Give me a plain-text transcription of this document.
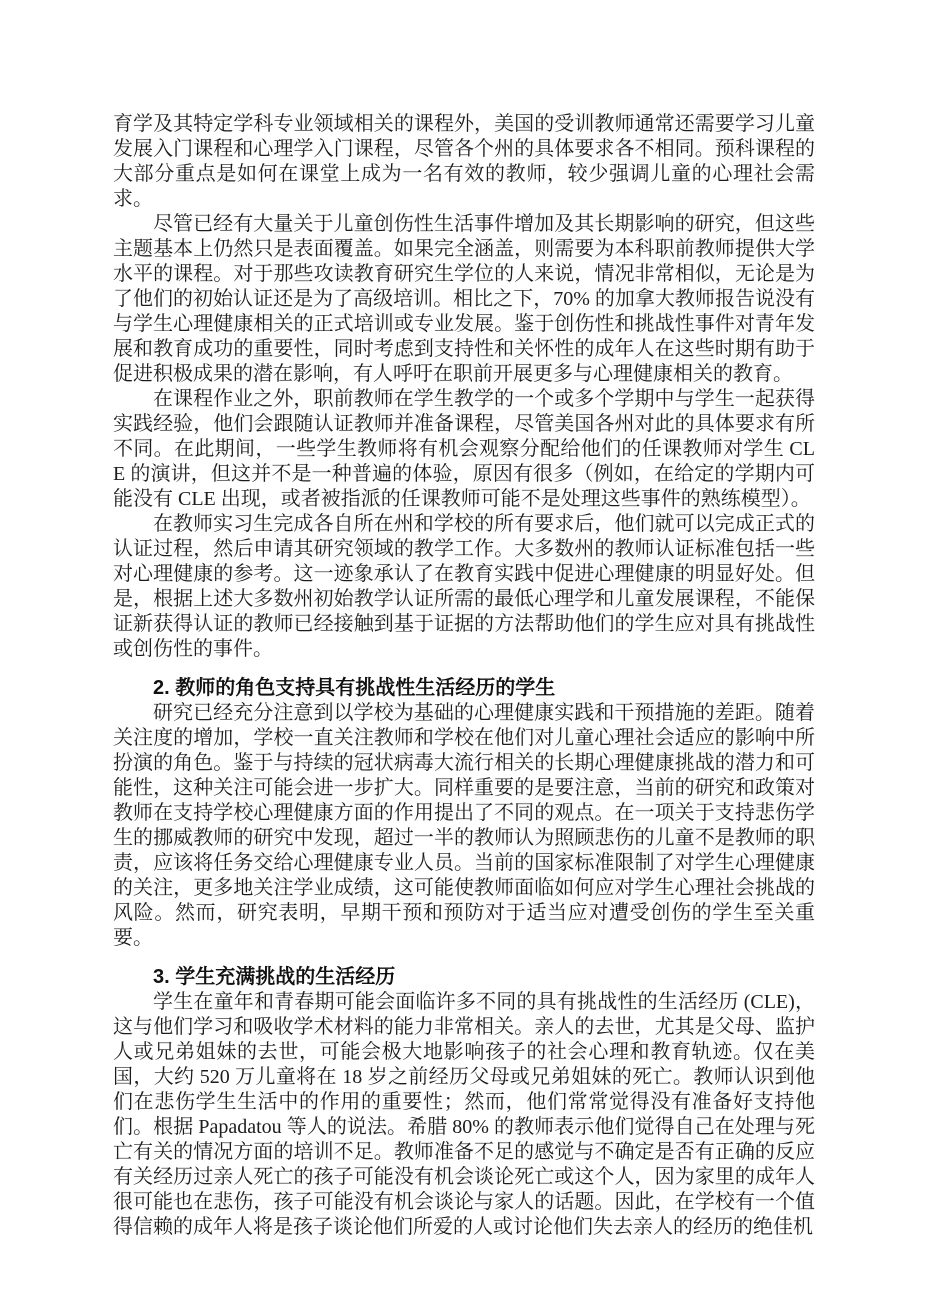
育学及其特定学科专业领域相关的课程外，美国的受训教师通常还需要学习儿童发展入门课程和心理学入门课程，尽管各个州的具体要求各不相同。预科课程的大部分重点是如何在课堂上成为一名有效的教师，较少强调儿童的心理社会需求。

尽管已经有大量关于儿童创伤性生活事件增加及其长期影响的研究，但这些主题基本上仍然只是表面覆盖。如果完全涵盖，则需要为本科职前教师提供大学水平的课程。对于那些攻读教育研究生学位的人来说，情况非常相似，无论是为了他们的初始认证还是为了高级培训。相比之下，70% 的加拿大教师报告说没有与学生心理健康相关的正式培训或专业发展。鉴于创伤性和挑战性事件对青年发展和教育成功的重要性，同时考虑到支持性和关怀性的成年人在这些时期有助于促进积极成果的潜在影响，有人呼吁在职前开展更多与心理健康相关的教育。

在课程作业之外，职前教师在学生教学的一个或多个学期中与学生一起获得实践经验，他们会跟随认证教师并准备课程，尽管美国各州对此的具体要求有所不同。在此期间，一些学生教师将有机会观察分配给他们的任课教师对学生 CLE 的演讲，但这并不是一种普遍的体验，原因有很多（例如，在给定的学期内可能没有 CLE 出现，或者被指派的任课教师可能不是处理这些事件的熟练模型）。

在教师实习生完成各自所在州和学校的所有要求后，他们就可以完成正式的认证过程，然后申请其研究领域的教学工作。大多数州的教师认证标准包括一些对心理健康的参考。这一迹象承认了在教育实践中促进心理健康的明显好处。但是，根据上述大多数州初始教学认证所需的最低心理学和儿童发展课程，不能保证新获得认证的教师已经接触到基于证据的方法帮助他们的学生应对具有挑战性或创伤性的事件。

2. 教师的角色支持具有挑战性生活经历的学生

研究已经充分注意到以学校为基础的心理健康实践和干预措施的差距。随着关注度的增加，学校一直关注教师和学校在他们对儿童心理社会适应的影响中所扮演的角色。鉴于与持续的冠状病毒大流行相关的长期心理健康挑战的潜力和可能性，这种关注可能会进一步扩大。同样重要的是要注意，当前的研究和政策对教师在支持学校心理健康方面的作用提出了不同的观点。在一项关于支持悲伤学生的挪威教师的研究中发现，超过一半的教师认为照顾悲伤的儿童不是教师的职责，应该将任务交给心理健康专业人员。当前的国家标准限制了对学生心理健康的关注，更多地关注学业成绩，这可能使教师面临如何应对学生心理社会挑战的风险。然而，研究表明，早期干预和预防对于适当应对遭受创伤的学生至关重要。

3. 学生充满挑战的生活经历

学生在童年和青春期可能会面临许多不同的具有挑战性的生活经历 (CLE)，这与他们学习和吸收学术材料的能力非常相关。亲人的去世，尤其是父母、监护人或兄弟姐妹的去世，可能会极大地影响孩子的社会心理和教育轨迹。仅在美国，大约 520 万儿童将在 18 岁之前经历父母或兄弟姐妹的死亡。教师认识到他们在悲伤学生生活中的作用的重要性；然而，他们常常觉得没有准备好支持他们。根据 Papadatou 等人的说法。希腊 80% 的教师表示他们觉得自己在处理与死亡有关的情况方面的培训不足。教师准备不足的感觉与不确定是否有正确的反应有关经历过亲人死亡的孩子可能没有机会谈论死亡或这个人，因为家里的成年人很可能也在悲伤，孩子可能没有机会谈论与家人的话题。因此，在学校有一个值得信赖的成年人将是孩子谈论他们所爱的人或讨论他们失去亲人的经历的绝佳机
